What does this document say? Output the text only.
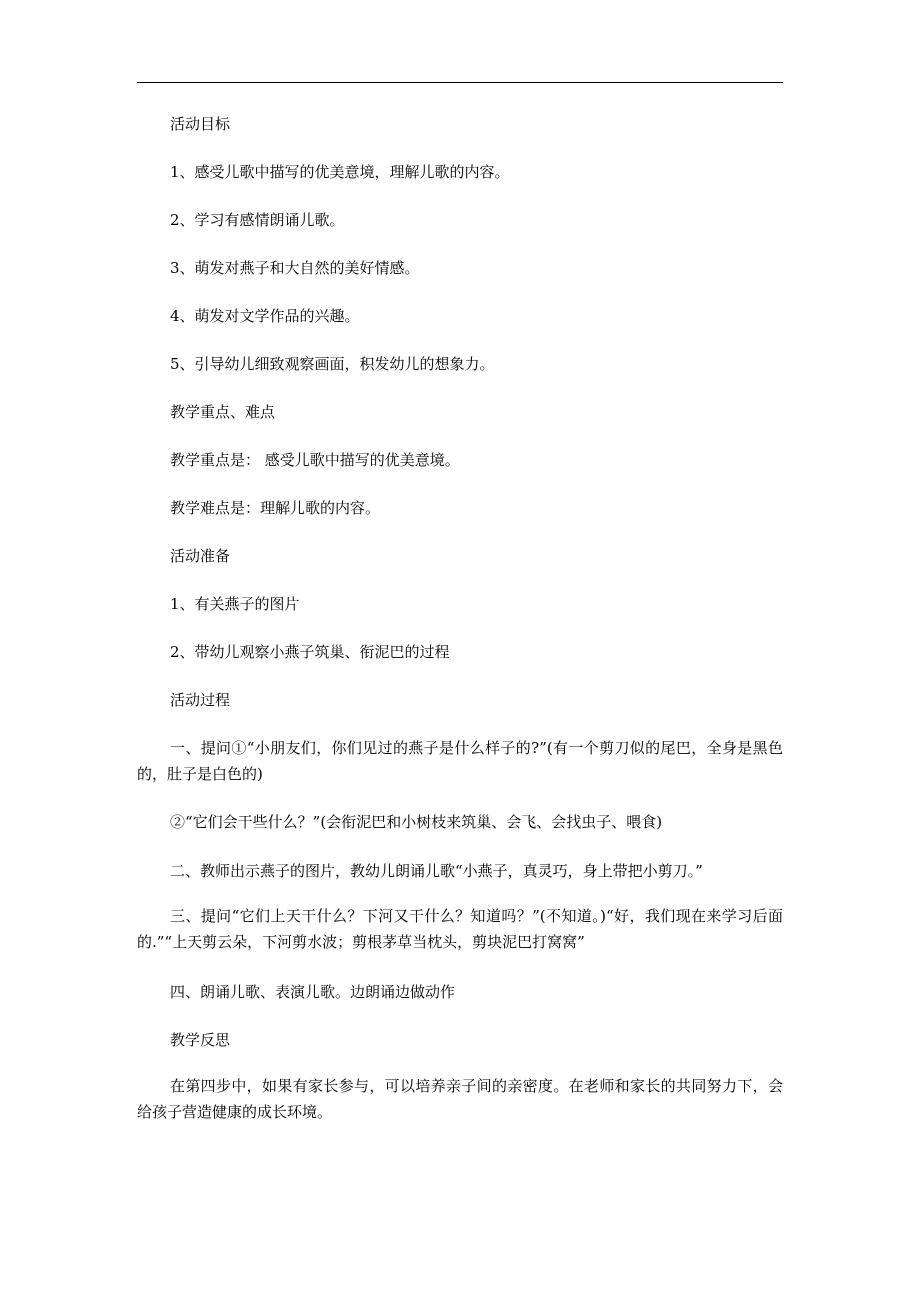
活动目标
1、感受儿歌中描写的优美意境，理解儿歌的内容。
2、学习有感情朗诵儿歌。
3、萌发对燕子和大自然的美好情感。
4、萌发对文学作品的兴趣。
5、引导幼儿细致观察画面，积发幼儿的想象力。
教学重点、难点
教学重点是： 感受儿歌中描写的优美意境。
教学难点是：理解儿歌的内容。
活动准备
1、有关燕子的图片
2、带幼儿观察小燕子筑巢、衔泥巴的过程
活动过程
一、提问①“小朋友们，你们见过的燕子是什么样子的?”(有一个剪刀似的尾巴，全身是黑色的，肚子是白色的)
②“它们会干些什么？”(会衔泥巴和小树枝来筑巢、会飞、会找虫子、喂食)
二、教师出示燕子的图片，教幼儿朗诵儿歌“小燕子，真灵巧，身上带把小剪刀。”
三、提问“它们上天干什么？下河又干什么？知道吗？”(不知道。)“好，我们现在来学习后面的.”“上天剪云朵，下河剪水波；剪根茅草当枕头，剪块泥巴打窝窝”
四、朗诵儿歌、表演儿歌。边朗诵边做动作
教学反思
在第四步中，如果有家长参与，可以培养亲子间的亲密度。在老师和家长的共同努力下，会给孩子营造健康的成长环境。
